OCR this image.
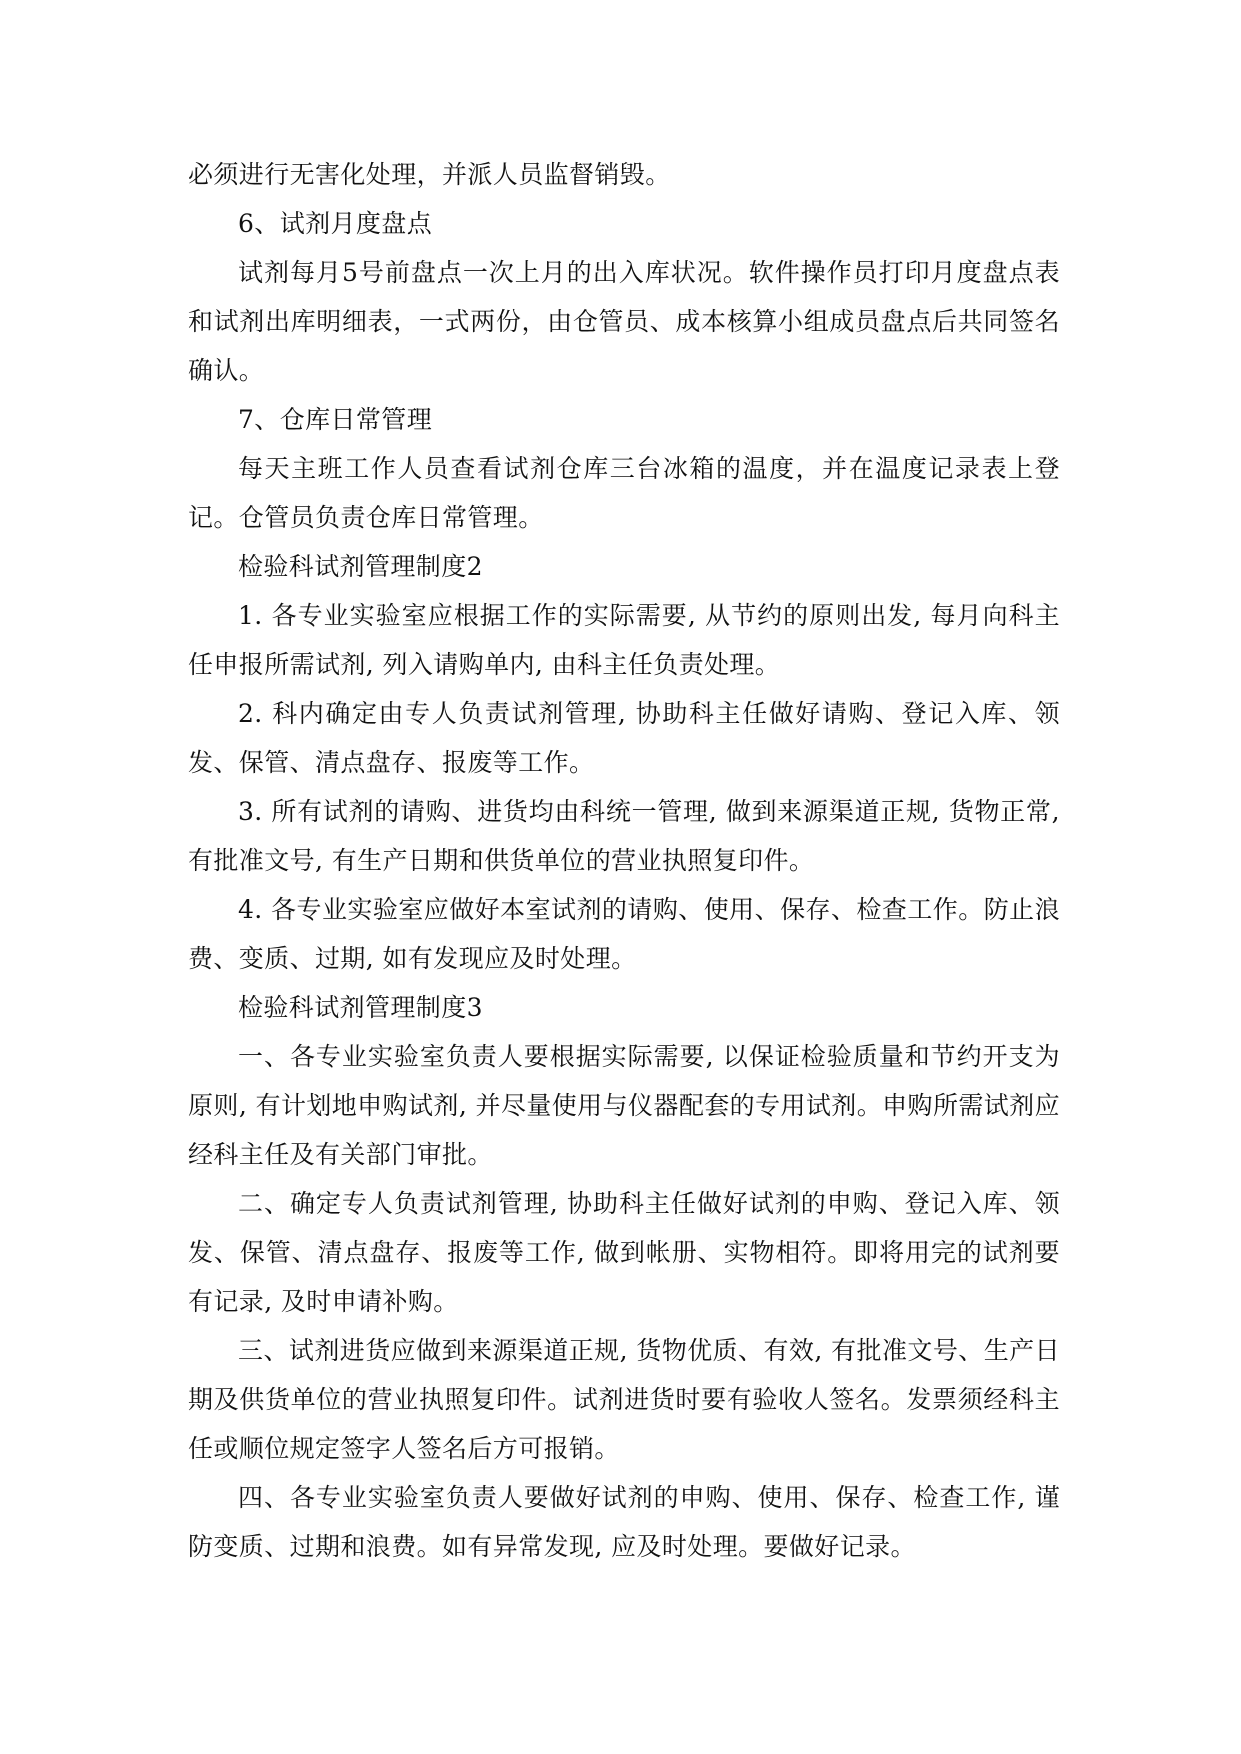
必须进行无害化处理，并派人员监督销毁。

6、试剂月度盘点

试剂每月5号前盘点一次上月的出入库状况。软件操作员打印月度盘点表和试剂出库明细表，一式两份，由仓管员、成本核算小组成员盘点后共同签名确认。

7、仓库日常管理

每天主班工作人员查看试剂仓库三台冰箱的温度，并在温度记录表上登记。仓管员负责仓库日常管理。

检验科试剂管理制度2

1. 各专业实验室应根据工作的实际需要, 从节约的原则出发, 每月向科主任申报所需试剂, 列入请购单内, 由科主任负责处理。

2. 科内确定由专人负责试剂管理, 协助科主任做好请购、登记入库、领发、保管、清点盘存、报废等工作。

3. 所有试剂的请购、进货均由科统一管理, 做到来源渠道正规, 货物正常, 有批准文号, 有生产日期和供货单位的营业执照复印件。

4. 各专业实验室应做好本室试剂的请购、使用、保存、检查工作。防止浪费、变质、过期, 如有发现应及时处理。

检验科试剂管理制度3

一、各专业实验室负责人要根据实际需要, 以保证检验质量和节约开支为原则, 有计划地申购试剂, 并尽量使用与仪器配套的专用试剂。申购所需试剂应经科主任及有关部门审批。

二、确定专人负责试剂管理, 协助科主任做好试剂的申购、登记入库、领发、保管、清点盘存、报废等工作, 做到帐册、实物相符。即将用完的试剂要有记录, 及时申请补购。

三、试剂进货应做到来源渠道正规, 货物优质、有效, 有批准文号、生产日期及供货单位的营业执照复印件。试剂进货时要有验收人签名。发票须经科主任或顺位规定签字人签名后方可报销。

四、各专业实验室负责人要做好试剂的申购、使用、保存、检查工作, 谨防变质、过期和浪费。如有异常发现, 应及时处理。要做好记录。
